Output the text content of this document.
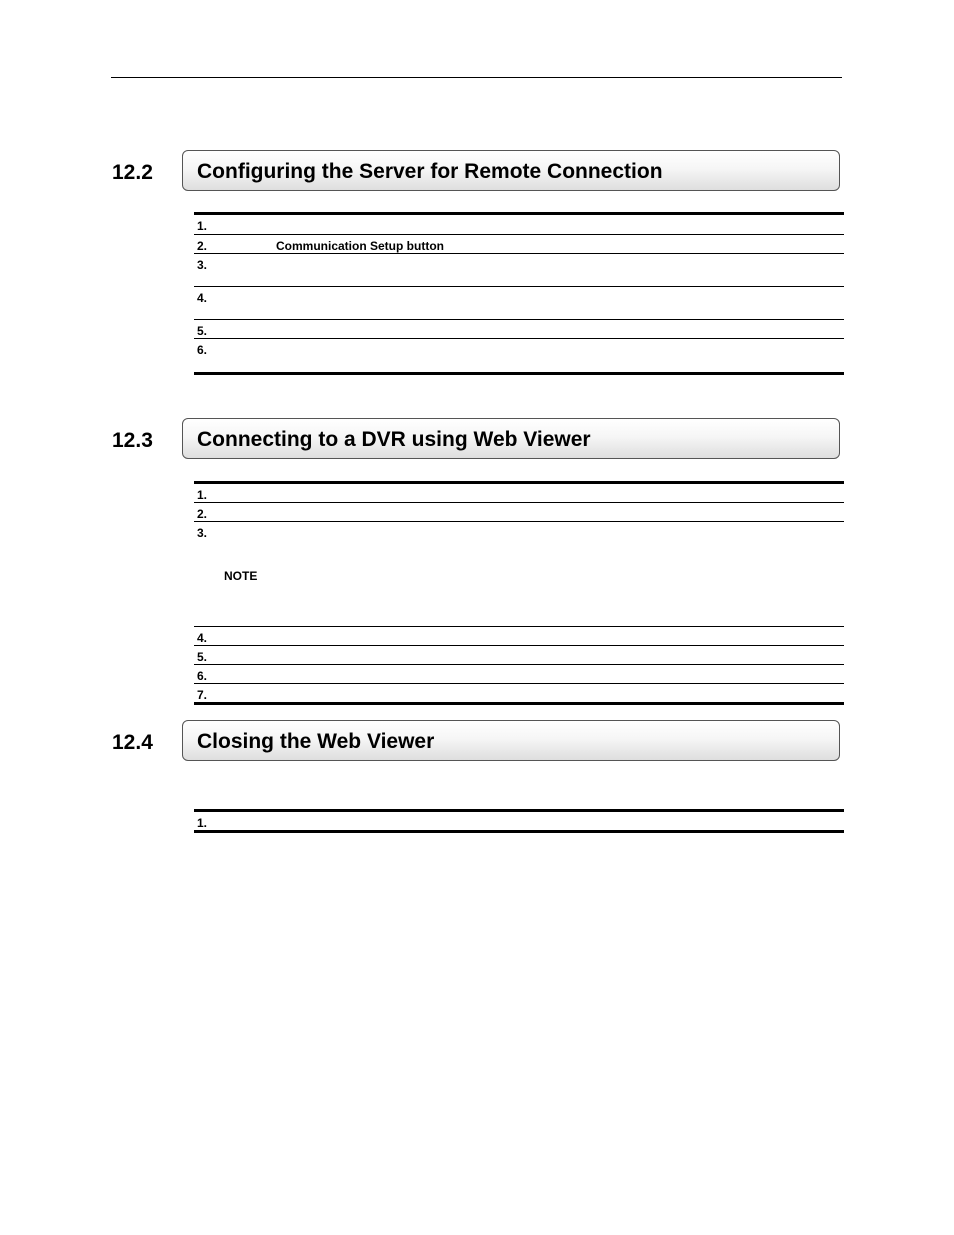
12.2 Configuring the Server for Remote Connection
1.
2.	Communication Setup button
3.
4.
5.
6.
12.3 Connecting to a DVR using Web Viewer
1.
2.
3.
NOTE
4.
5.
6.
7.
12.4 Closing the Web Viewer
1.
